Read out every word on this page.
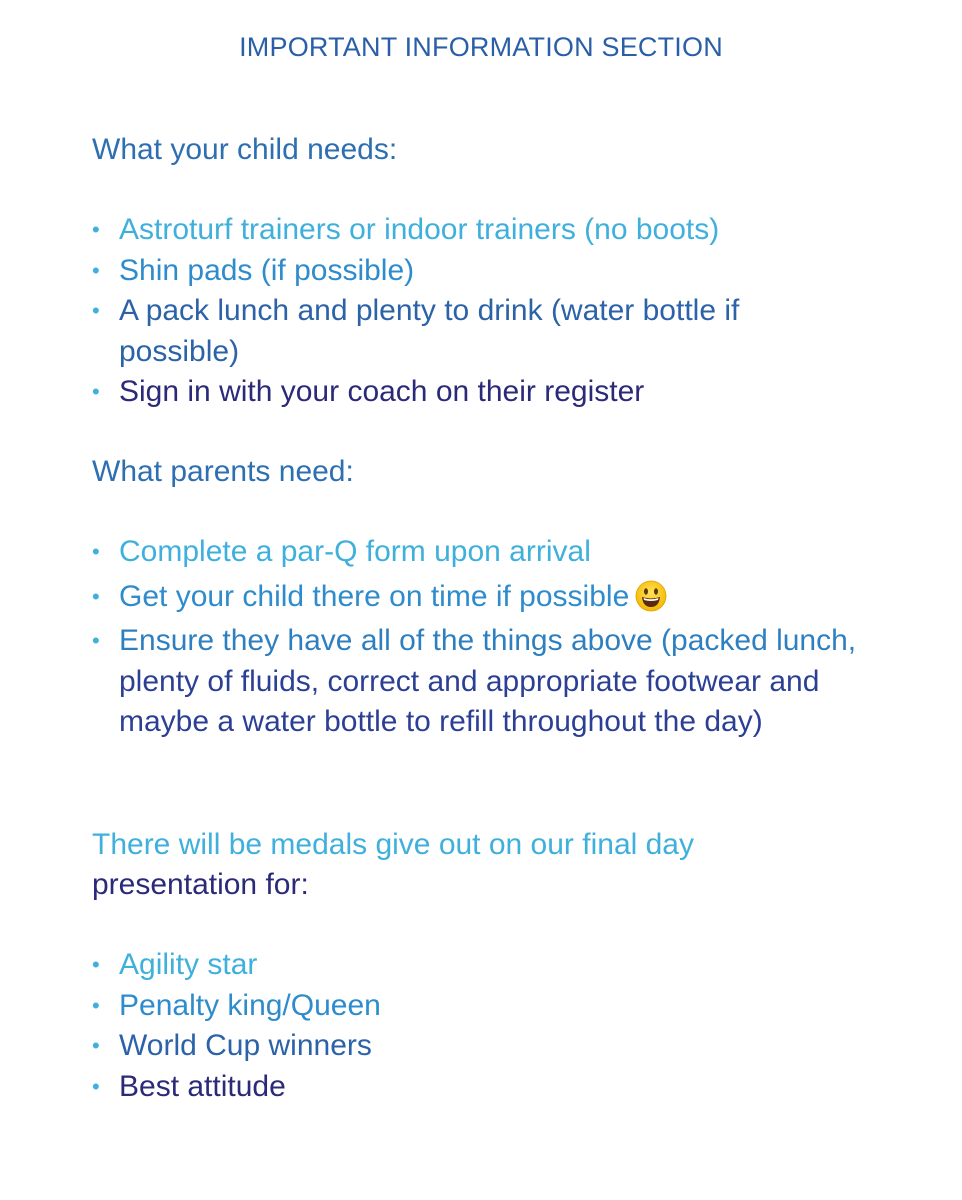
IMPORTANT INFORMATION SECTION
What your child needs:
• Astroturf trainers or indoor trainers (no boots)
• Shin pads (if possible)
• A pack lunch and plenty to drink (water bottle if possible)
• Sign in with your coach on their register
What parents need:
• Complete a par-Q form upon arrival
• Get your child there on time if possible
• Ensure they have all of the things above (packed lunch, plenty of fluids, correct and appropriate footwear and maybe a water bottle to refill throughout the day)
There will be medals give out on our final day
presentation for:
• Agility star
• Penalty king/Queen
• World Cup winners
• Best attitude
